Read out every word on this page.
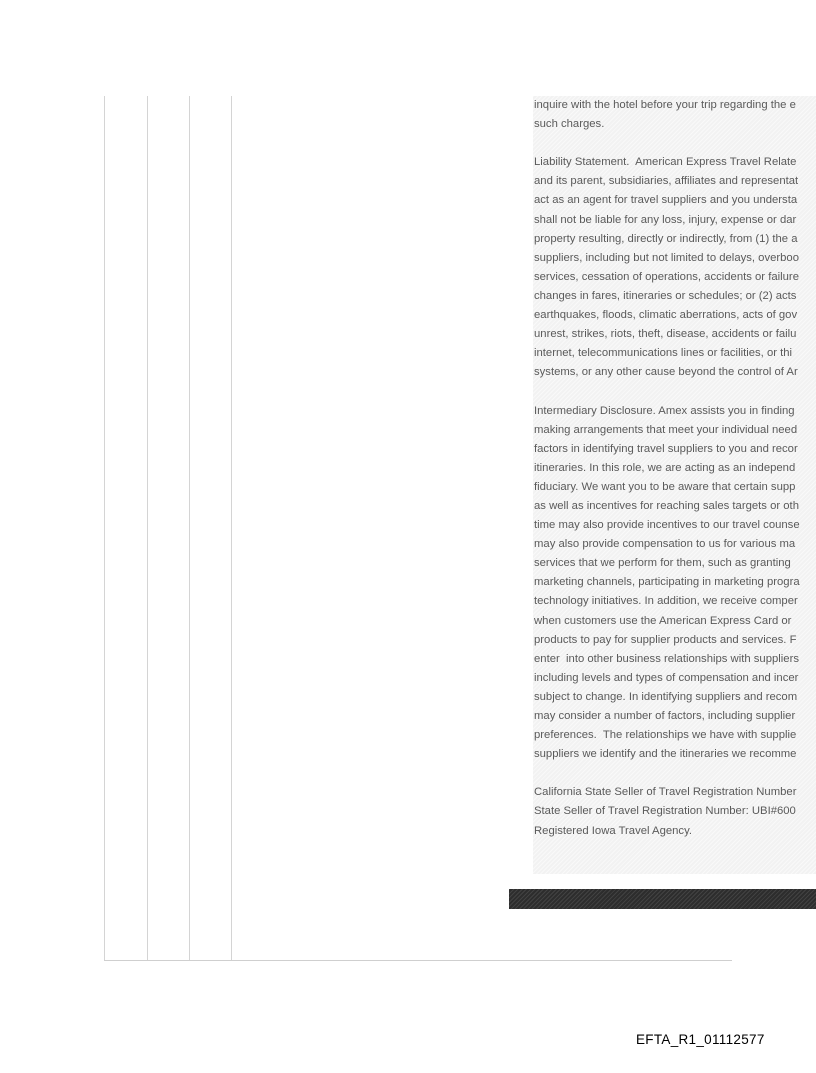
inquire with the hotel before your trip regarding the e
such charges.

Liability Statement.  American Express Travel Relate
and its parent, subsidiaries, affiliates and representat
act as an agent for travel suppliers and you understa
shall not be liable for any loss, injury, expense or dar
property resulting, directly or indirectly, from (1) the a
suppliers, including but not limited to delays, overboo
services, cessation of operations, accidents or failure
changes in fares, itineraries or schedules; or (2) acts
earthquakes, floods, climatic aberrations, acts of gov
unrest, strikes, riots, theft, disease, accidents or failu
internet, telecommunications lines or facilities, or thi
systems, or any other cause beyond the control of Ar

Intermediary Disclosure. Amex assists you in finding
making arrangements that meet your individual need
factors in identifying travel suppliers to you and recor
itineraries. In this role, we are acting as an independ
fiduciary. We want you to be aware that certain supp
as well as incentives for reaching sales targets or oth
time may also provide incentives to our travel counse
may also provide compensation to us for various ma
services that we perform for them, such as granting
marketing channels, participating in marketing progra
technology initiatives. In addition, we receive comper
when customers use the American Express Card or
products to pay for supplier products and services. F
enter  into other business relationships with suppliers
including levels and types of compensation and incer
subject to change. In identifying suppliers and recom
may consider a number of factors, including supplier
preferences.  The relationships we have with supplie
suppliers we identify and the itineraries we recomme

California State Seller of Travel Registration Number
State Seller of Travel Registration Number: UBI#600
Registered Iowa Travel Agency.

EFTA_R1_01112577
